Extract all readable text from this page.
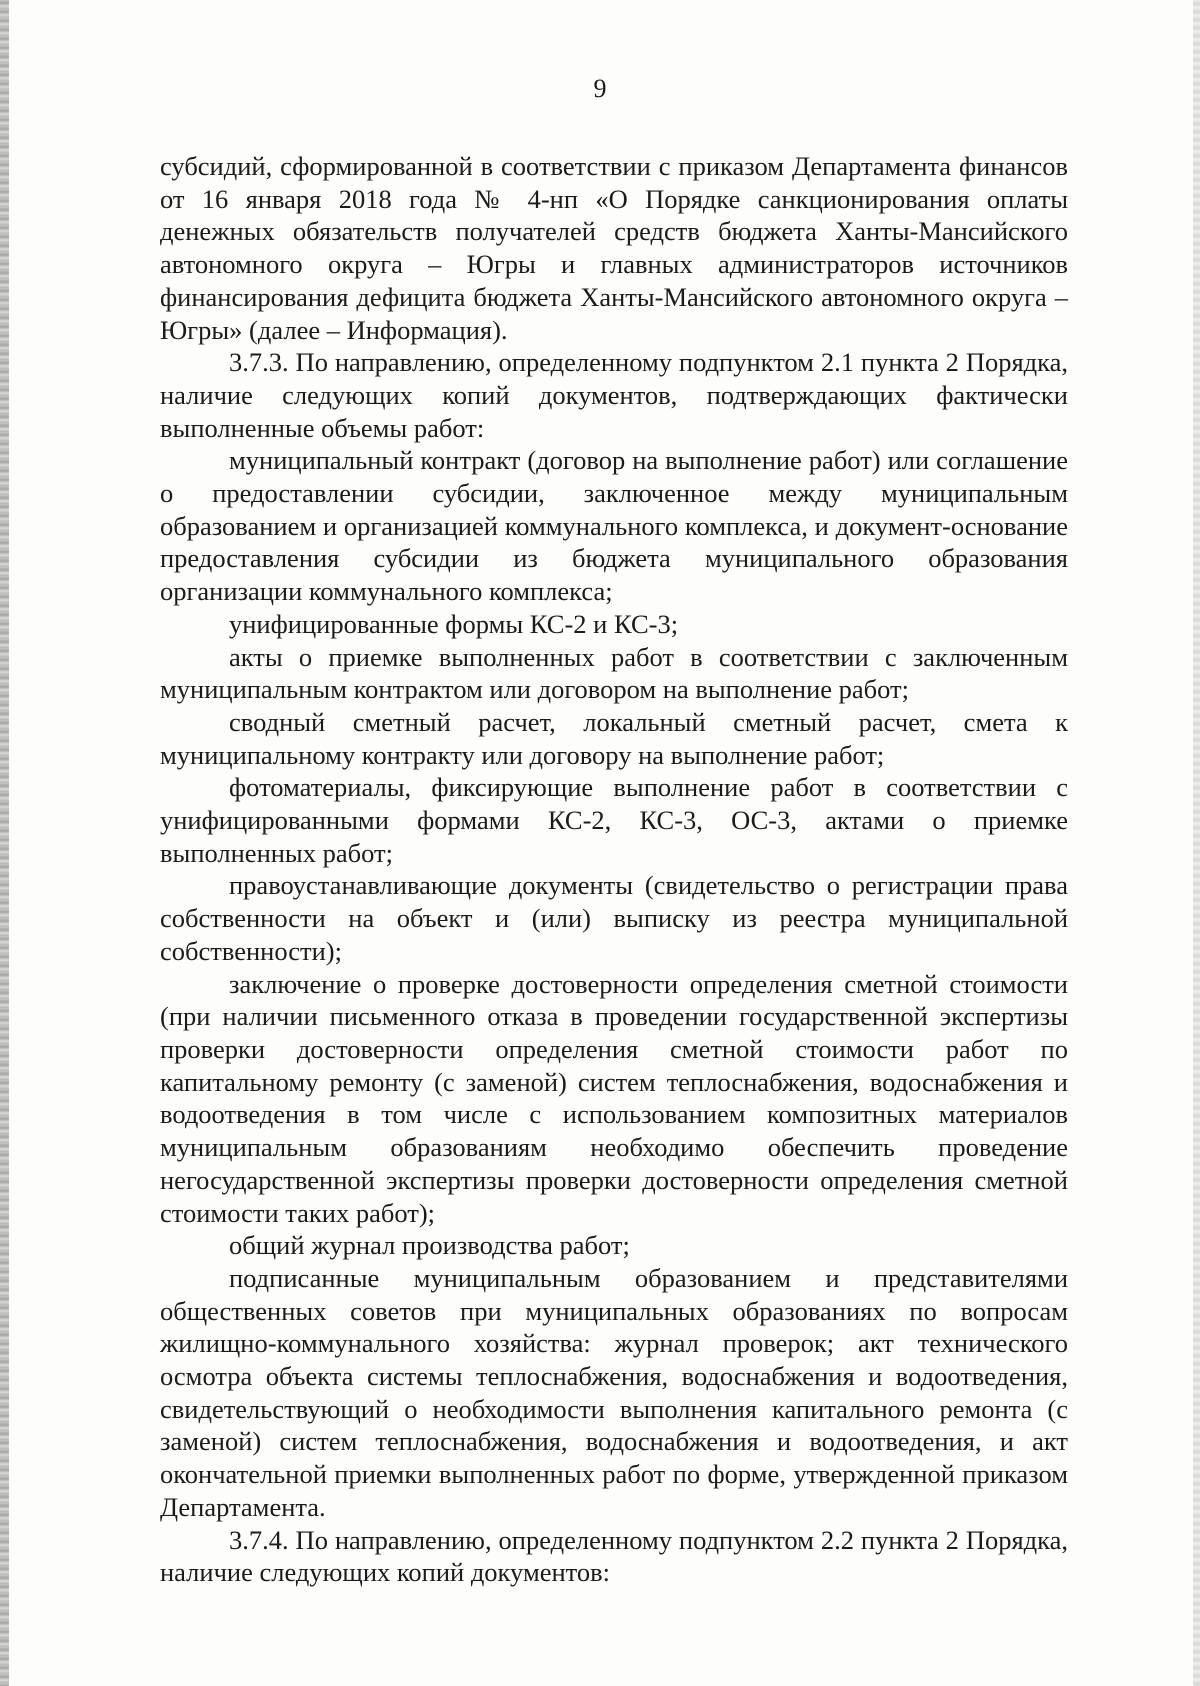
9

субсидий, сформированной в соответствии с приказом Департамента финансов от 16 января 2018 года № 4-нп «О Порядке санкционирования оплаты денежных обязательств получателей средств бюджета Ханты-Мансийского автономного округа – Югры и главных администраторов источников финансирования дефицита бюджета Ханты-Мансийского автономного округа – Югры» (далее – Информация).

3.7.3. По направлению, определенному подпунктом 2.1 пункта 2 Порядка, наличие следующих копий документов, подтверждающих фактически выполненные объемы работ:

муниципальный контракт (договор на выполнение работ) или соглашение о предоставлении субсидии, заключенное между муниципальным образованием и организацией коммунального комплекса, и документ-основание предоставления субсидии из бюджета муниципального образования организации коммунального комплекса;

унифицированные формы КС-2 и КС-3;

акты о приемке выполненных работ в соответствии с заключенным муниципальным контрактом или договором на выполнение работ;

сводный сметный расчет, локальный сметный расчет, смета к муниципальному контракту или договору на выполнение работ;

фотоматериалы, фиксирующие выполнение работ в соответствии с унифицированными формами КС-2, КС-3, ОС-3, актами о приемке выполненных работ;

правоустанавливающие документы (свидетельство о регистрации права собственности на объект и (или) выписку из реестра муниципальной собственности);

заключение о проверке достоверности определения сметной стоимости (при наличии письменного отказа в проведении государственной экспертизы проверки достоверности определения сметной стоимости работ по капитальному ремонту (с заменой) систем теплоснабжения, водоснабжения и водоотведения в том числе с использованием композитных материалов муниципальным образованиям необходимо обеспечить проведение негосударственной экспертизы проверки достоверности определения сметной стоимости таких работ);

общий журнал производства работ;

подписанные муниципальным образованием и представителями общественных советов при муниципальных образованиях по вопросам жилищно-коммунального хозяйства: журнал проверок; акт технического осмотра объекта системы теплоснабжения, водоснабжения и водоотведения, свидетельствующий о необходимости выполнения капитального ремонта (с заменой) систем теплоснабжения, водоснабжения и водоотведения, и акт окончательной приемки выполненных работ по форме, утвержденной приказом Департамента.

3.7.4. По направлению, определенному подпунктом 2.2 пункта 2 Порядка, наличие следующих копий документов:
